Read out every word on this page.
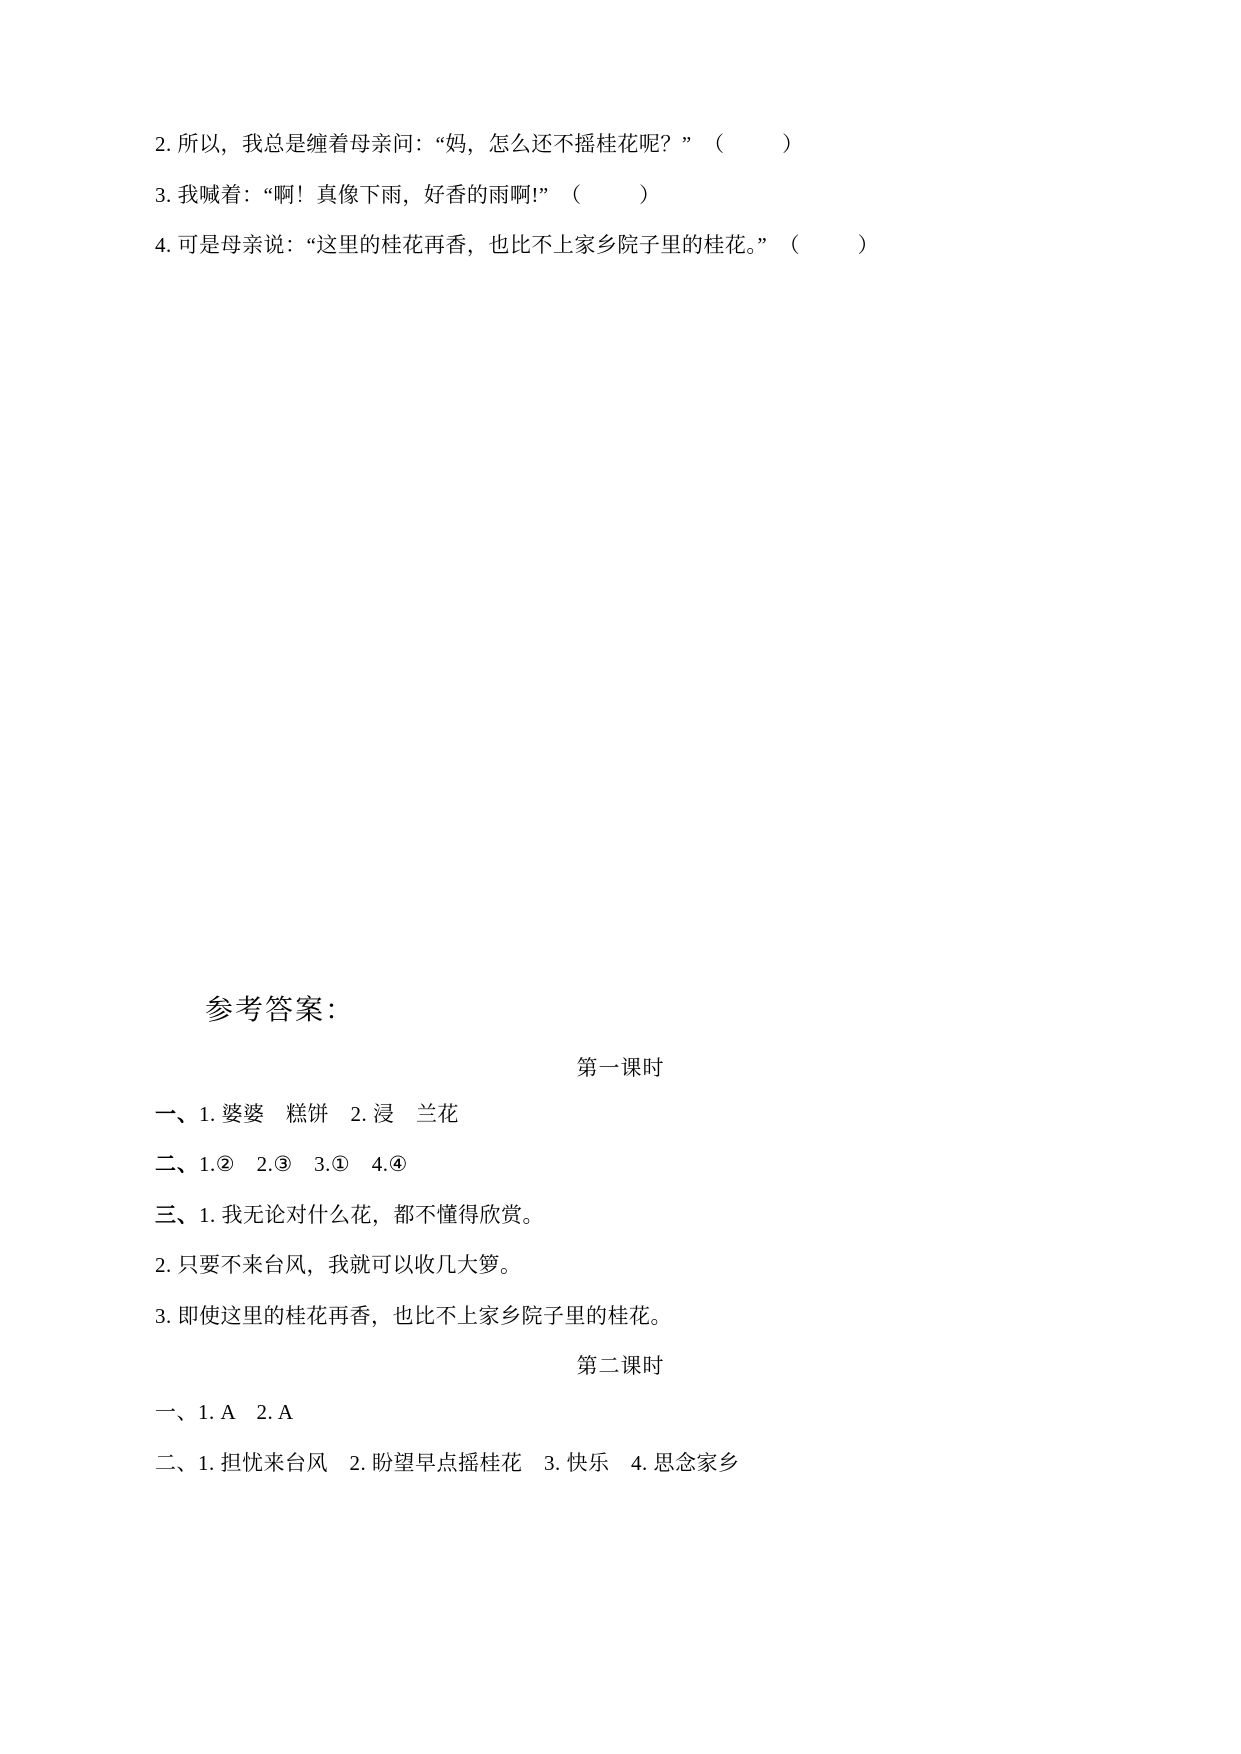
2. 所以，我总是缠着母亲问：“妈，怎么还不摇桂花呢？”  （          ）

3. 我喊着：“啊！真像下雨，好香的雨啊!”  （          ）

4. 可是母亲说：“这里的桂花再香，也比不上家乡院子里的桂花。”  （          ）

参考答案：
第一课时

一、1. 婆婆　糕饼　2. 浸　兰花

二、1.②　2.③　3.①　4.④

三、1. 我无论对什么花，都不懂得欣赏。

2. 只要不来台风，我就可以收几大箩。

3. 即使这里的桂花再香，也比不上家乡院子里的桂花。

第二课时

一、1. A　2. A

二、1. 担忧来台风　2. 盼望早点摇桂花　3. 快乐　4. 思念家乡
